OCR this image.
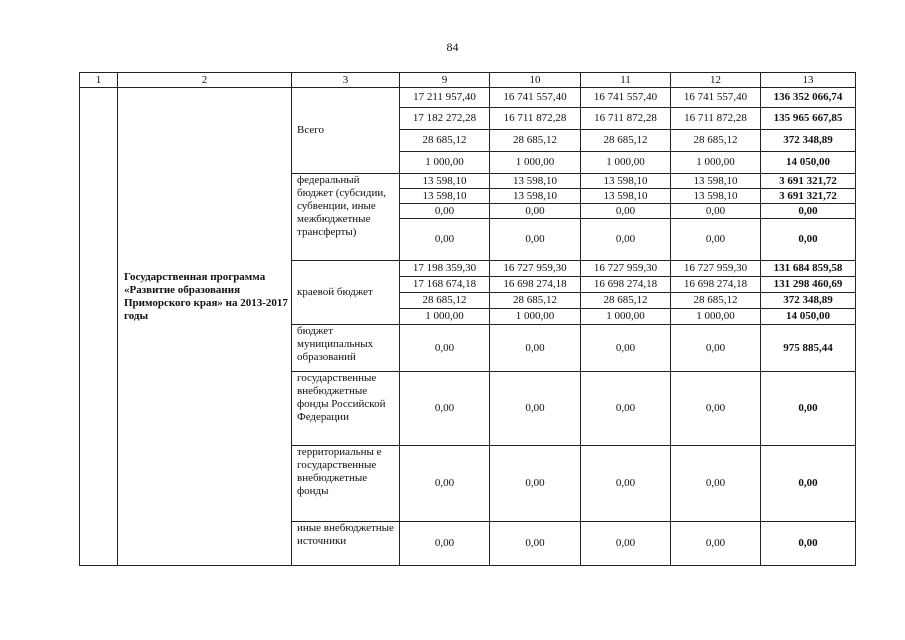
84
1	2	3	9	10	11	12	13
	Государственная программа «Развитие образования Приморского края» на 2013-2017 годы	Всего	17 211 957,40	16 741 557,40	16 741 557,40	16 741 557,40	136 352 066,74
			17 182 272,28	16 711 872,28	16 711 872,28	16 711 872,28	135 965 667,85
			28 685,12	28 685,12	28 685,12	28 685,12	372 348,89
			1 000,00	1 000,00	1 000,00	1 000,00	14 050,00
		федеральный бюджет (субсидии, субвенции, иные межбюджетные трансферты)	13 598,10	13 598,10	13 598,10	13 598,10	3 691 321,72
			13 598,10	13 598,10	13 598,10	13 598,10	3 691 321,72
			0,00	0,00	0,00	0,00	0,00
			0,00	0,00	0,00	0,00	0,00
		краевой бюджет	17 198 359,30	16 727 959,30	16 727 959,30	16 727 959,30	131 684 859,58
			17 168 674,18	16 698 274,18	16 698 274,18	16 698 274,18	131 298 460,69
			28 685,12	28 685,12	28 685,12	28 685,12	372 348,89
			1 000,00	1 000,00	1 000,00	1 000,00	14 050,00
		бюджет муниципальных образований	0,00	0,00	0,00	0,00	975 885,44
		государственные внебюджетные фонды Российской Федерации	0,00	0,00	0,00	0,00	0,00
		территориальны е государственные внебюджетные фонды	0,00	0,00	0,00	0,00	0,00
		иные внебюджетные источники	0,00	0,00	0,00	0,00	0,00
